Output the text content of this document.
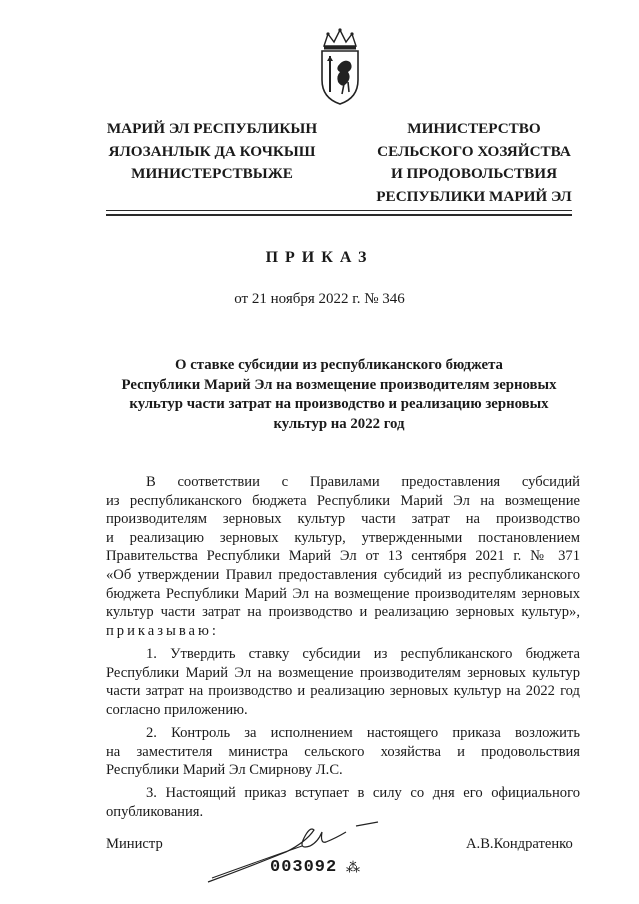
МАРИЙ ЭЛ РЕСПУБЛИКЫН
ЯЛОЗАНЛЫК ДА КОЧКЫШ
МИНИСТЕРСТВЫЖЕ
МИНИСТЕРСТВО
СЕЛЬСКОГО ХОЗЯЙСТВА
И ПРОДОВОЛЬСТВИЯ
РЕСПУБЛИКИ МАРИЙ ЭЛ
ПРИКАЗ
от 21 ноября 2022 г. № 346
О ставке субсидии из республиканского бюджета
Республики Марий Эл на возмещение производителям зерновых
культур части затрат на производство и реализацию зерновых
культур на 2022 год
В соответствии с Правилами предоставления субсидий
из республиканского бюджета Республики Марий Эл на возмещение
производителям зерновых культур части затрат на производство
и реализацию зерновых культур, утвержденными постановлением
Правительства Республики Марий Эл от 13 сентября 2021 г. № 371
«Об утверждении Правил предоставления субсидий из республиканского
бюджета Республики Марий Эл на возмещение производителям зерновых
культур части затрат на производство и реализацию зерновых культур»,
приказываю:
1. Утвердить ставку субсидии из республиканского бюджета
Республики Марий Эл на возмещение производителям зерновых культур
части затрат на производство и реализацию зерновых культур на 2022 год
согласно приложению.
2. Контроль за исполнением настоящего приказа возложить
на заместителя министра сельского хозяйства и продовольствия
Республики Марий Эл Смирнову Л.С.
3. Настоящий приказ вступает в силу со дня его официального
опубликования.
Министр	А.В.Кондратенко
003092 ⁂
